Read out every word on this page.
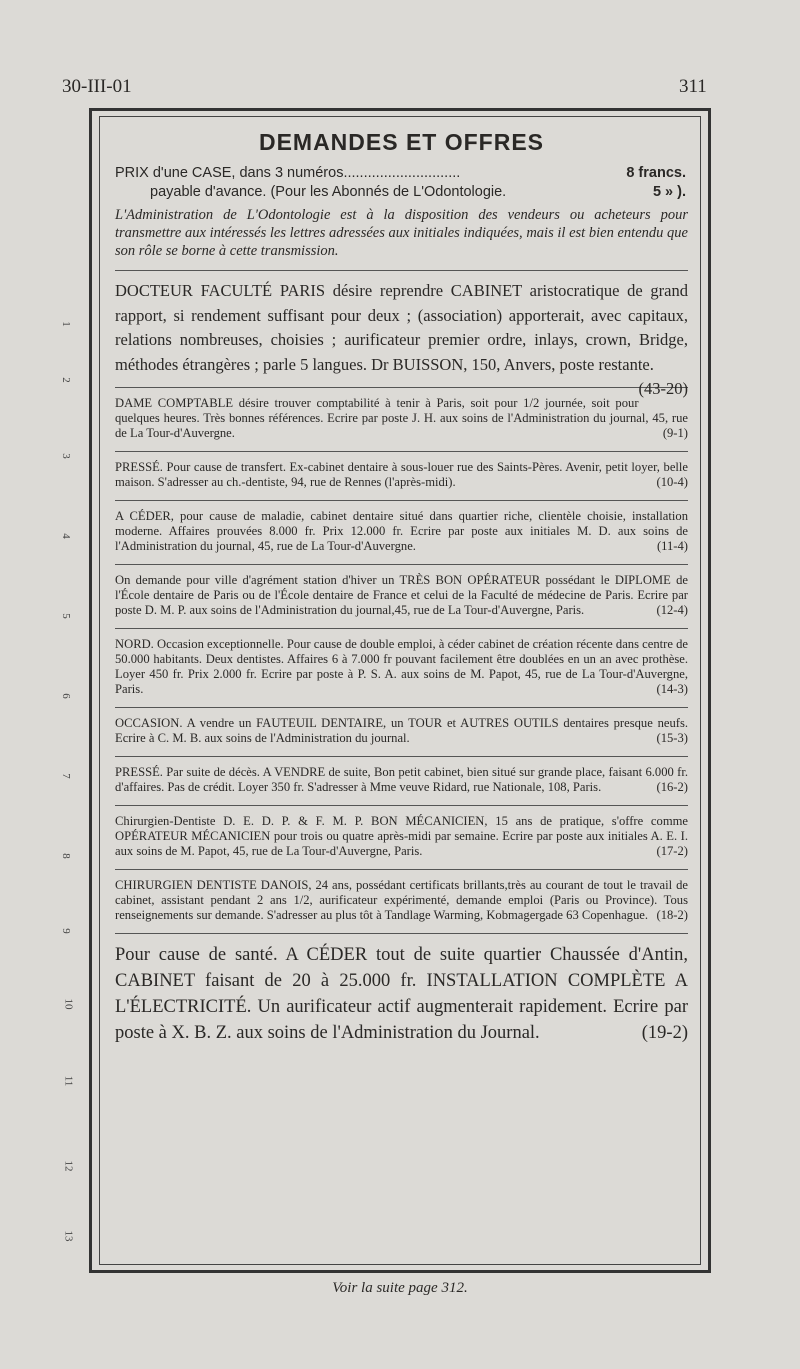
30-III-01	311
1
2
3
4
5
6
7
8
9
10
11
12
13
DEMANDES ET OFFRES
PRIX d'une CASE, dans 3 numéros.............................	8 francs.
payable d'avance. (Pour les Abonnés de L'Odontologie.	5 » ).
L'Administration de L'Odontologie est à la disposition des vendeurs ou acheteurs pour transmettre aux intéressés les lettres adressées aux initiales indiquées, mais il est bien entendu que son rôle se borne à cette transmission.
DOCTEUR FACULTÉ PARIS désire reprendre CABINET aristocratique de grand rapport, si rendement suffisant pour deux ; (association) apporterait, avec capitaux, relations nombreuses, choisies ; aurificateur premier ordre, inlays, crown, Bridge, méthodes étrangères ; parle 5 langues. Dr BUISSON, 150, Anvers, poste restante.
(43-20)
DAME COMPTABLE désire trouver comptabilité à tenir à Paris, soit pour 1/2 journée, soit pour quelques heures. Très bonnes références. Ecrire par poste J. H. aux soins de l'Administration du journal, 45, rue de La Tour-d'Auvergne.	(9-1)
PRESSÉ. Pour cause de transfert. Ex-cabinet dentaire à sous-louer rue des Saints-Pères. Avenir, petit loyer, belle maison. S'adresser au ch.-dentiste, 94, rue de Rennes (l'après-midi).	(10-4)
A CÉDER, pour cause de maladie, cabinet dentaire situé dans quartier riche, clientèle choisie, installation moderne. Affaires prouvées 8.000 fr. Prix 12.000 fr. Ecrire par poste aux initiales M. D. aux soins de l'Administration du journal, 45, rue de La Tour-d'Auvergne.	(11-4)
On demande pour ville d'agrément station d'hiver un TRÈS BON OPÉRATEUR possédant le DIPLOME de l'École dentaire de Paris ou de l'École dentaire de France et celui de la Faculté de médecine de Paris. Ecrire par poste D. M. P. aux soins de l'Administration du journal,45, rue de La Tour-d'Auvergne, Paris.	(12-4)
NORD. Occasion exceptionnelle. Pour cause de double emploi, à céder cabinet de création récente dans centre de 50.000 habitants. Deux dentistes. Affaires 6 à 7.000 fr pouvant facilement être doublées en un an avec prothèse. Loyer 450 fr. Prix 2.000 fr. Ecrire par poste à P. S. A. aux soins de M. Papot, 45, rue de La Tour-d'Auvergne, Paris.	(14-3)
OCCASION. A vendre un FAUTEUIL DENTAIRE, un TOUR et AUTRES OUTILS dentaires presque neufs. Ecrire à C. M. B. aux soins de l'Administration du journal.	(15-3)
PRESSÉ. Par suite de décès. A VENDRE de suite, Bon petit cabinet, bien situé sur grande place, faisant 6.000 fr. d'affaires. Pas de crédit. Loyer 350 fr. S'adresser à Mme veuve Ridard, rue Nationale, 108, Paris.	(16-2)
Chirurgien-Dentiste D. E. D. P. & F. M. P. BON MÉCANICIEN, 15 ans de pratique, s'offre comme OPÉRATEUR MÉCANICIEN pour trois ou quatre après-midi par semaine. Ecrire par poste aux initiales A. E. I. aux soins de M. Papot, 45, rue de La Tour-d'Auvergne, Paris.	(17-2)
CHIRURGIEN DENTISTE DANOIS, 24 ans, possédant certificats brillants,très au courant de tout le travail de cabinet, assistant pendant 2 ans 1/2, aurificateur expérimenté, demande emploi (Paris ou Province). Tous renseignements sur demande. S'adresser au plus tôt à Tandlage Warming, Kobmagergade 63 Copenhague. (18-2)
Pour cause de santé. A CÉDER tout de suite quartier Chaussée d'Antin, CABINET faisant de 20 à 25.000 fr. INSTALLATION COMPLÈTE A L'ÉLECTRICITÉ. Un aurificateur actif augmenterait rapidement. Ecrire par poste à X. B. Z. aux soins de l'Administration du Journal.	(19-2)
Voir la suite page 312.
